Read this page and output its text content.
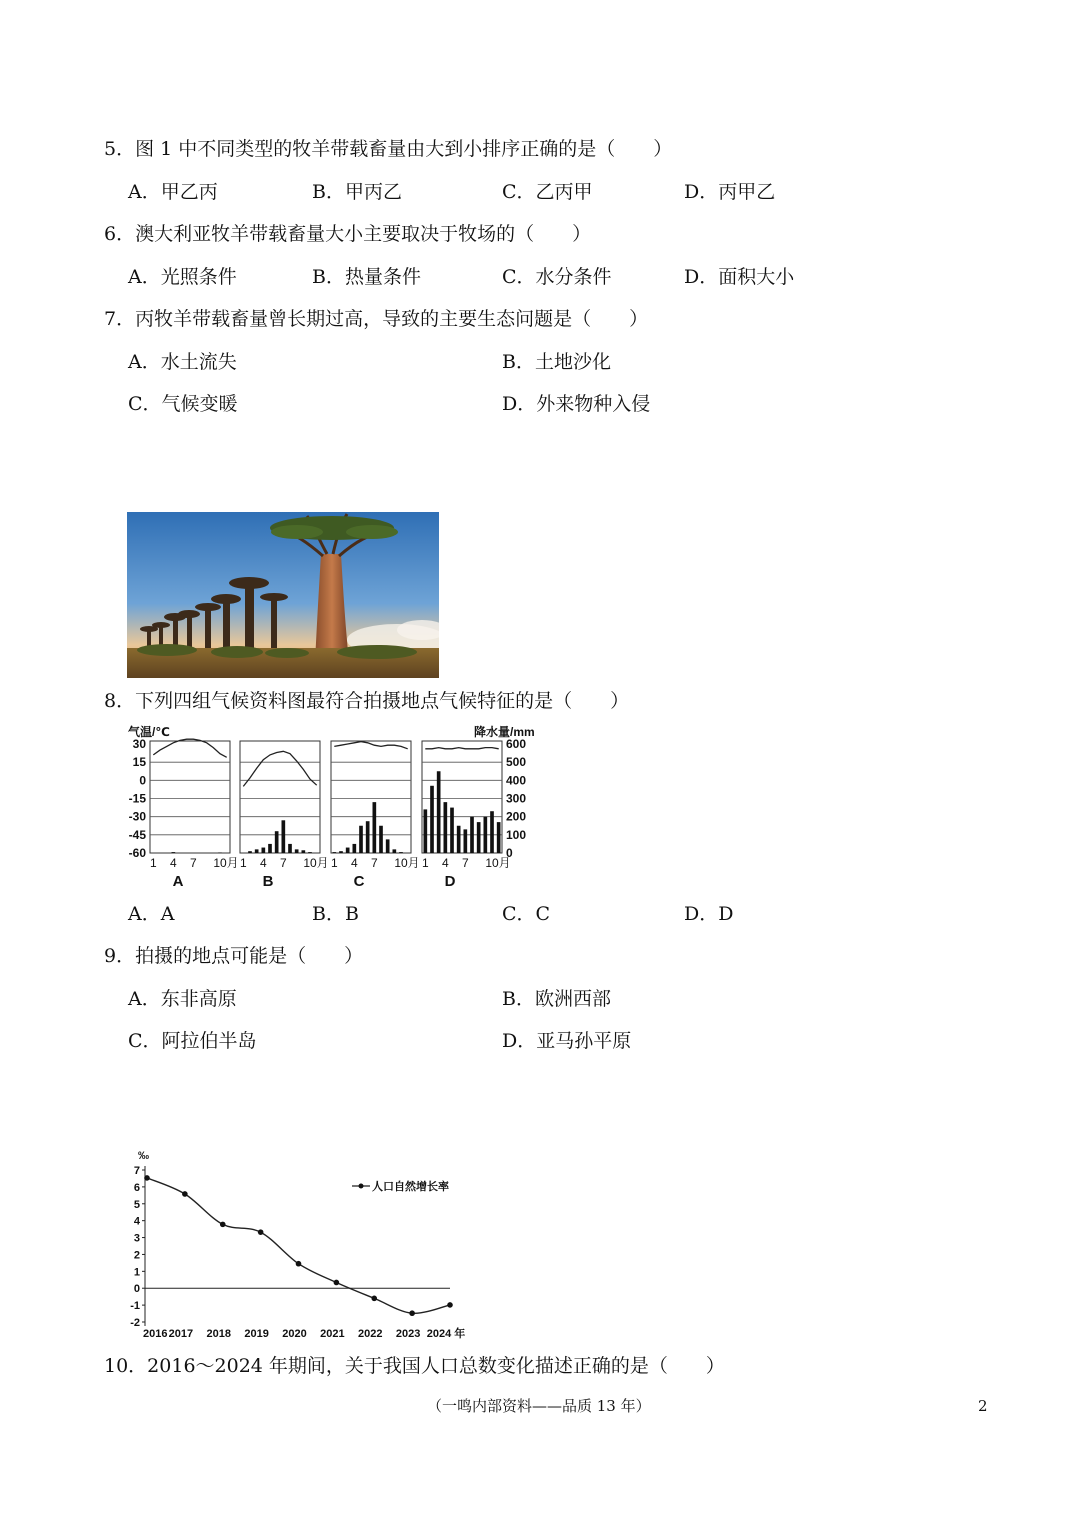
5．图 1 中不同类型的牧羊带载畜量由大到小排序正确的是（　　）
A．甲乙丙	B．甲丙乙	C．乙丙甲	D．丙甲乙
6．澳大利亚牧羊带载畜量大小主要取决于牧场的（　　）
A．光照条件	B．热量条件	C．水分条件	D．面积大小
7．丙牧羊带载畜量曾长期过高，导致的主要生态问题是（　　）
A．水土流失	B．土地沙化
C．气候变暖	D．外来物种入侵
8．下列四组气候资料图最符合拍摄地点气候特征的是（　　）
气温/℃	降水量/mm
30
15
0
-15
-30
-45
-60
600
500
400
300
200
100
0
1 4 7 10月
A
1 4 7 10月
B
1 4 7 10月
C
1 4 7 10月
D
A．A	B．B	C．C	D．D
9．拍摄的地点可能是（　　）
A．东非高原	B．欧洲西部
C．阿拉伯半岛	D．亚马孙平原
‰
7
6
5
4
3
2
1
0
-1
-2
2016 2017 2018 2019 2020 2021 2022 2023 2024 年
人口自然增长率
10．2016～2024 年期间，关于我国人口总数变化描述正确的是（　　）
（一鸣内部资料——品质 13 年）	2
